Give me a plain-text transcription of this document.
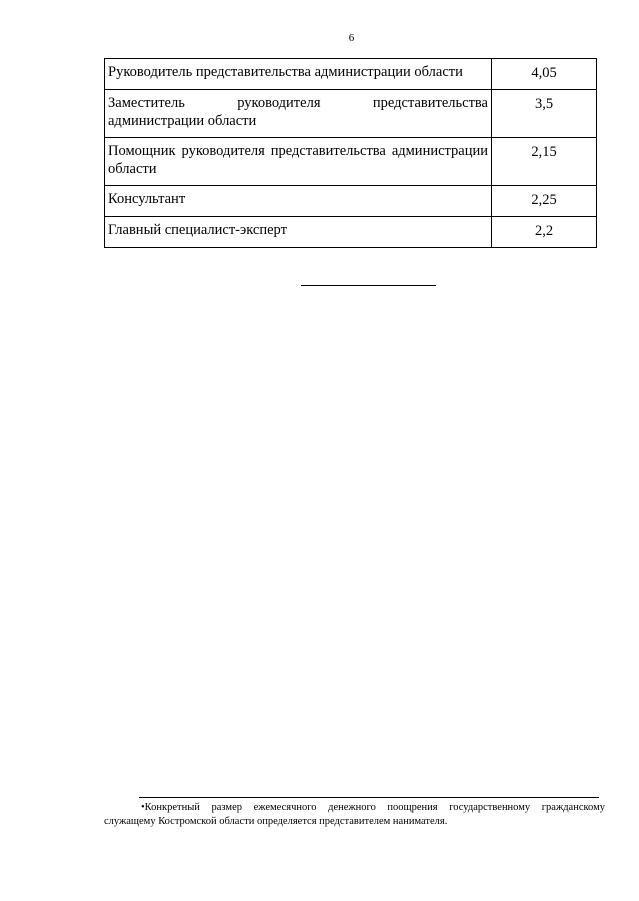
6
Руководитель представительства администрации области	4,05
Заместитель руководителя представительства администрации области	3,5
Помощник руководителя представительства администрации области	2,15
Консультант	2,25
Главный специалист-эксперт	2,2
•Конкретный размер ежемесячного денежного поощрения государственному гражданскому служащему Костромской области определяется представителем нанимателя.
